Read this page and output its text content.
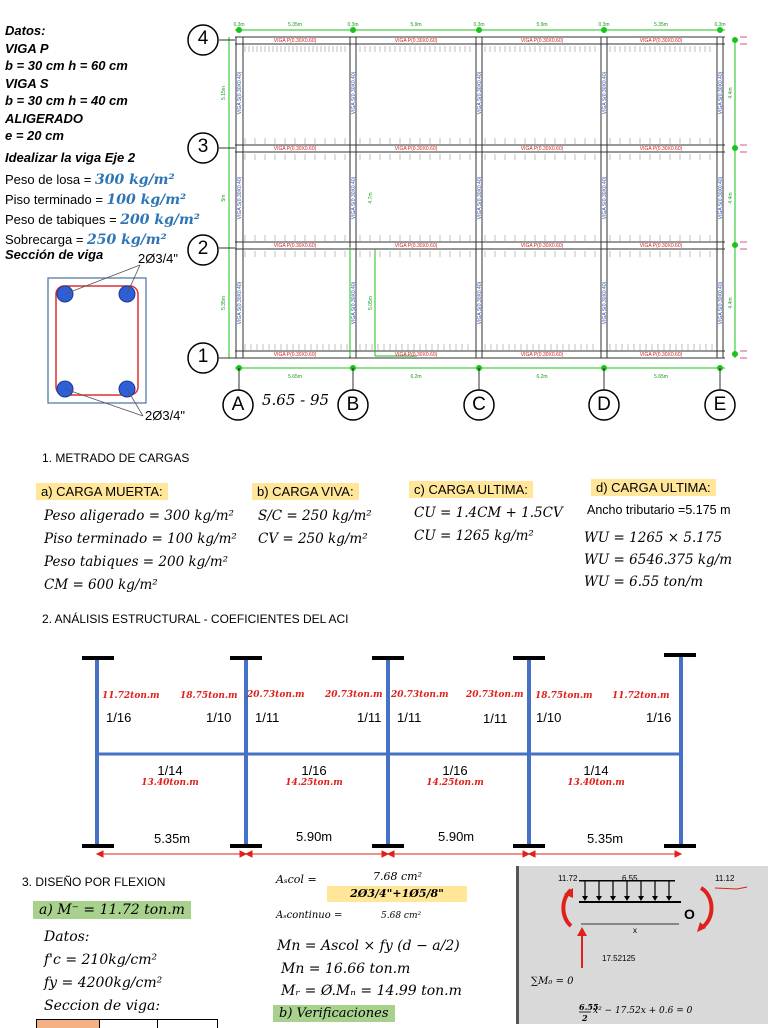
Datos:
VIGA P
b = 30 cm h = 60 cm
VIGA S
b = 30 cm h = 40 cm
ALIGERADO
e = 20 cm
Idealizar la viga Eje 2
Peso de losa = 300 kg/m²
Piso terminado = 100 kg/m²
Peso de tabiques = 200 kg/m²
Sobrecarga = 250 kg/m²
Sección de viga	2Ø3/4"
2Ø3/4"
VIGA P(0.30X0.60)	VIGA P(0.30X0.60)	VIGA P(0.30X0.60)	VIGA P(0.30X0.60)
VIGA P(0.30X0.60)	VIGA P(0.30X0.60)	VIGA P(0.30X0.60)	VIGA P(0.30X0.60)
VIGA P(0.30X0.60)	VIGA P(0.30X0.60)	VIGA P(0.30X0.60)	VIGA P(0.30X0.60)
VIGA P(0.30X0.60)	VIGA P(0.30X0.60)	VIGA P(0.30X0.60)	VIGA P(0.30X0.60)
VIGA S(0.30X0.40)	VIGA S(0.30X0.40)	VIGA S(0.30X0.40)	VIGA S(0.30X0.40)	VIGA S(0.30X0.40)
VIGA S(0.30X0.40)	VIGA S(0.30X0.40)	VIGA S(0.30X0.40)	VIGA S(0.30X0.40)	VIGA S(0.30X0.40)
VIGA S(0.30X0.40)	VIGA S(0.30X0.40)	VIGA S(0.30X0.40)	VIGA S(0.30X0.40)	VIGA S(0.30X0.40)
0.3m	5.35m	0.3m	5.9m	0.3m	5.9m	0.3m	5.35m	0.3m
5.65m	6.2m	6.2m	5.65m
4.4m
4.4m
4.4m
5.15m
5m
5.35m
4.7m
5.05m
4
3
2
1
A	B	C	D	E
5.65 - 95
1. METRADO DE CARGAS
a) CARGA MUERTA:
Peso aligerado = 300 kg/m²
Piso terminado = 100 kg/m²
Peso tabiques = 200 kg/m²
CM = 600 kg/m²
b) CARGA VIVA:
S/C = 250 kg/m²
CV = 250 kg/m²
c) CARGA ULTIMA:
CU = 1.4CM + 1.5CV
CU = 1265 kg/m²
d) CARGA ULTIMA:
Ancho tributario =5.175 m
WU = 1265 × 5.175
WU = 6546.375 kg/m
WU = 6.55 ton/m
2. ANÁLISIS ESTRUCTURAL - COEFICIENTES DEL ACI
11.72ton.m 18.75ton.m 20.73ton.m 20.73ton.m 20.73ton.m 20.73ton.m 18.75ton.m 11.72ton.m
1/16	1/10 1/11	1/11 1/11	1/11 1/10	1/16
1/14
13.40ton.m
1/16
14.25ton.m
1/16
14.25ton.m
1/14
13.40ton.m
5.35m	5.90m	5.90m	5.35m
3. DISEÑO POR FLEXION
a) M⁻ = 11.72 ton.m
Datos:
f'c = 210kg/cm²
fy = 4200kg/cm²
Seccion de viga:
Aₛcol =	7.68 cm²
2Ø3/4"+1Ø5/8"
Aₛcontinuo =	5.68 cm²
Mn = Ascol × fy (d − a/2)
Mn = 16.66 ton.m
Mᵣ = Ø.Mₙ = 14.99 ton.m
b) Verificaciones
11.72	6.55	11.12
O
x
17.52125
∑M₀ = 0
6.55
2
x² − 17.52x + 0.6 = 0
